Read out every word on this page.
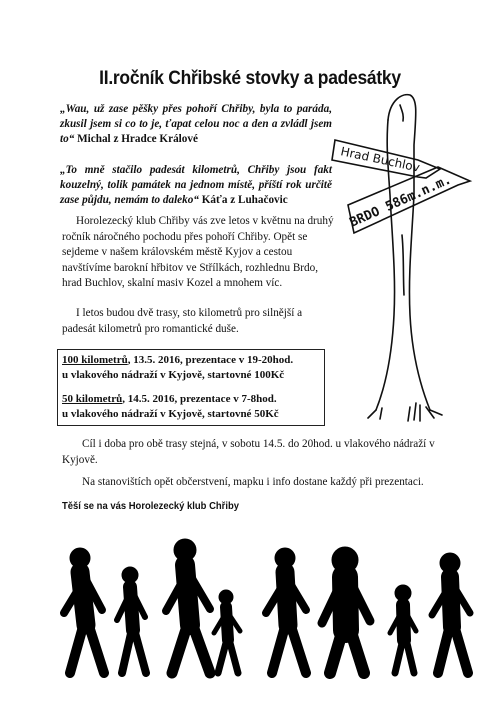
II.ročník Chřibské stovky a padesátky
„Wau, už zase pěšky přes pohoří Chřiby, byla to paráda, zkusil jsem si co to je, ťapat celou noc a den a zvládl jsem to“ Michal z Hradce Králové
„To mně stačilo padesát kilometrů, Chřiby jsou fakt kouzelný, tolik památek na jednom místě, příští rok určitě zase půjdu, nemám to daleko“ Káťa z Luhačovic
Horolezecký klub Chřiby vás zve letos v květnu na druhý ročník náročného pochodu přes pohoří Chřiby. Opět se sejdeme v našem královském městě Kyjov a cestou navštívíme barokní hřbitov ve Střílkách, rozhlednu Brdo, hrad Buchlov, skalní masiv Kozel a mnohem víc.
I letos budou dvě trasy, sto kilometrů pro silnější a padesát kilometrů pro romantické duše.
100 kilometrů, 13.5. 2016, prezentace v 19-20hod.
u vlakového nádraží v Kyjově, startovné 100Kč
50 kilometrů, 14.5. 2016, prezentace v 7-8hod.
u vlakového nádraží v Kyjově, startovné 50Kč
Cíl i doba pro obě trasy stejná, v sobotu 14.5. do 20hod. u vlakového nádraží v Kyjově.
Na stanovištích opět občerstvení, mapku i info dostane každý při prezentaci.
Těší se na vás Horolezecký klub Chřiby
Hrad Buchlov
BRDO 586m.n.m.
